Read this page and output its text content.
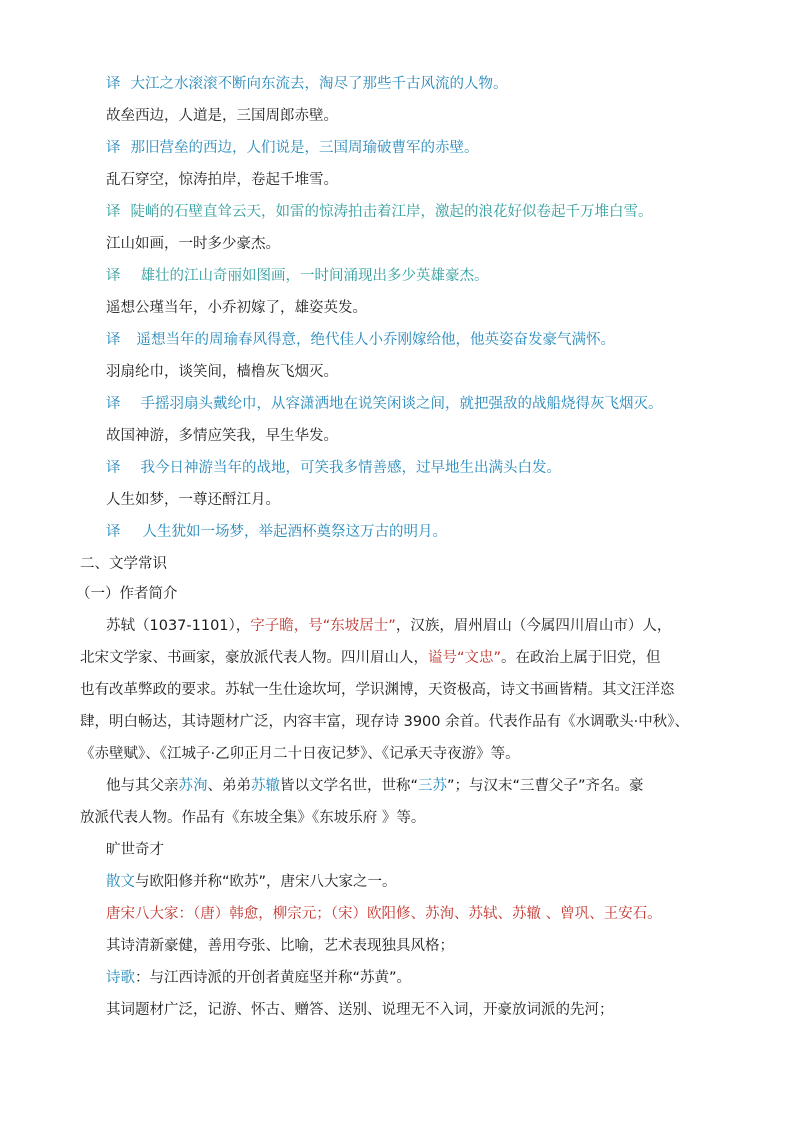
译 大江之水滚滚不断向东流去，淘尽了那些千古风流的人物。
故垒西边，人道是，三国周郎赤壁。
译 那旧营垒的西边，人们说是，三国周瑜破曹军的赤壁。
乱石穿空，惊涛拍岸，卷起千堆雪。
译 陡峭的石壁直耸云天，如雷的惊涛拍击着江岸，激起的浪花好似卷起千万堆白雪。
江山如画，一时多少豪杰。
译 雄壮的江山奇丽如图画，一时间涌现出多少英雄豪杰。
遥想公瑾当年，小乔初嫁了，雄姿英发。
译 遥想当年的周瑜春风得意，绝代佳人小乔刚嫁给他，他英姿奋发豪气满怀。
羽扇纶巾，谈笑间，樯橹灰飞烟灭。
译 手摇羽扇头戴纶巾，从容潇洒地在说笑闲谈之间，就把强敌的战船烧得灰飞烟灭。
故国神游，多情应笑我，早生华发。
译 我今日神游当年的战地，可笑我多情善感，过早地生出满头白发。
人生如梦，一尊还酹江月。
译 人生犹如一场梦，举起酒杯奠祭这万古的明月。
二、文学常识
（一）作者简介
苏轼（1037-1101），字子瞻，号“东坡居士”，汉族，眉州眉山（今属四川眉山市）人，
北宋文学家、书画家，豪放派代表人物。四川眉山人，谥号“文忠”。在政治上属于旧党，但
也有改革弊政的要求。苏轼一生仕途坎坷，学识渊博，天资极高，诗文书画皆精。其文汪洋恣
肆，明白畅达，其诗题材广泛，内容丰富，现存诗 3900 余首。代表作品有《水调歌头·中秋》、
《赤壁赋》、《江城子·乙卯正月二十日夜记梦》、《记承天寺夜游》等。
他与其父亲苏洵、弟弟苏辙皆以文学名世，世称“三苏”；与汉末“三曹父子”齐名。豪
放派代表人物。作品有《东坡全集》《东坡乐府 》等。
旷世奇才
散文与欧阳修并称“欧苏”，唐宋八大家之一。
唐宋八大家：（唐）韩愈，柳宗元；（宋）欧阳修、苏洵、苏轼、苏辙 、曾巩、王安石。
其诗清新豪健，善用夸张、比喻，艺术表现独具风格；
诗歌：与江西诗派的开创者黄庭坚并称“苏黄”。
其词题材广泛，记游、怀古、赠答、送别、说理无不入词，开豪放词派的先河；
